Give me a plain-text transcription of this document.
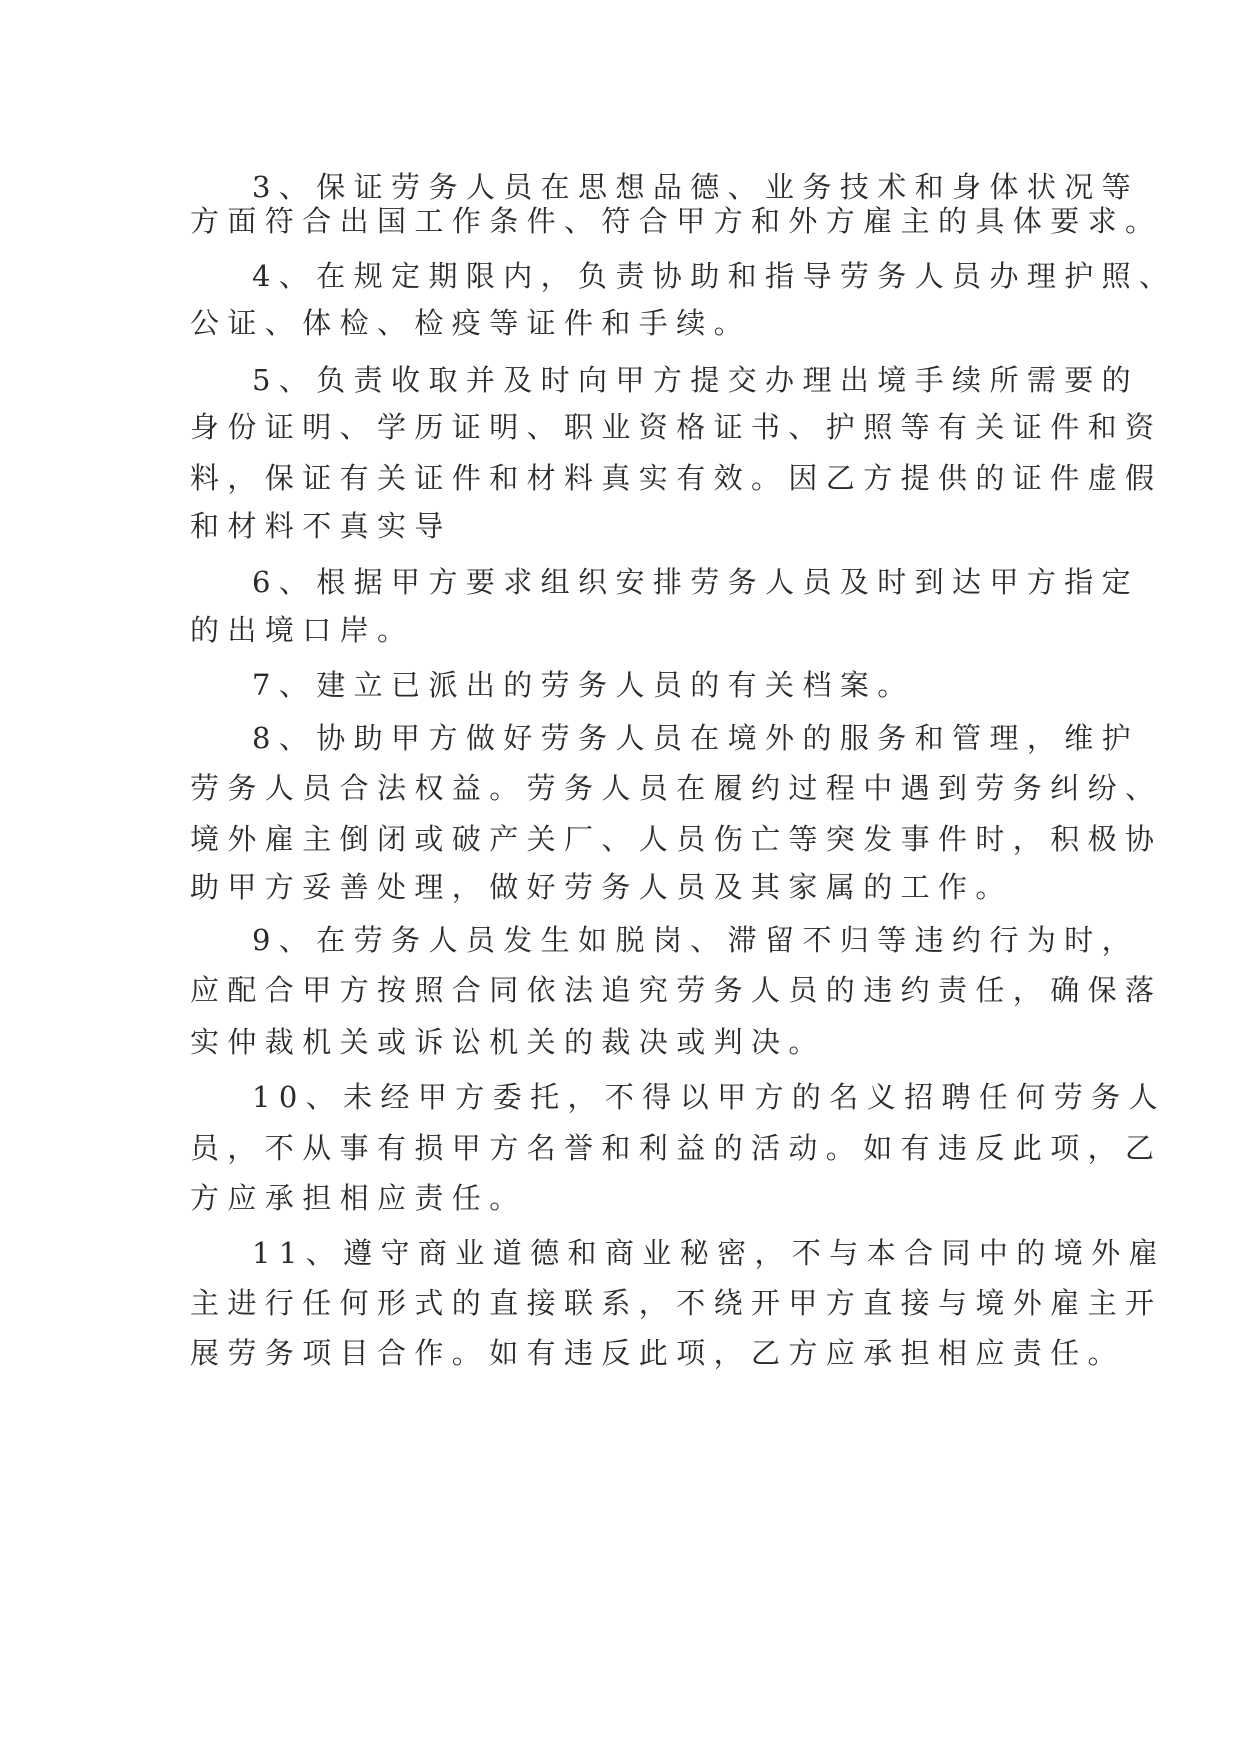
3、保证劳务人员在思想品德、业务技术和身体状况等
方面符合出国工作条件、符合甲方和外方雇主的具体要求。
4、在规定期限内，负责协助和指导劳务人员办理护照、
公证、体检、检疫等证件和手续。
5、负责收取并及时向甲方提交办理出境手续所需要的
身份证明、学历证明、职业资格证书、护照等有关证件和资
料，保证有关证件和材料真实有效。因乙方提供的证件虚假
和材料不真实导
6、根据甲方要求组织安排劳务人员及时到达甲方指定
的出境口岸。
7、建立已派出的劳务人员的有关档案。
8、协助甲方做好劳务人员在境外的服务和管理，维护
劳务人员合法权益。劳务人员在履约过程中遇到劳务纠纷、
境外雇主倒闭或破产关厂、人员伤亡等突发事件时，积极协
助甲方妥善处理，做好劳务人员及其家属的工作。
9、在劳务人员发生如脱岗、滞留不归等违约行为时，
应配合甲方按照合同依法追究劳务人员的违约责任，确保落
实仲裁机关或诉讼机关的裁决或判决。
10、未经甲方委托，不得以甲方的名义招聘任何劳务人
员，不从事有损甲方名誉和利益的活动。如有违反此项，乙
方应承担相应责任。
11、遵守商业道德和商业秘密，不与本合同中的境外雇
主进行任何形式的直接联系，不绕开甲方直接与境外雇主开
展劳务项目合作。如有违反此项，乙方应承担相应责任。
